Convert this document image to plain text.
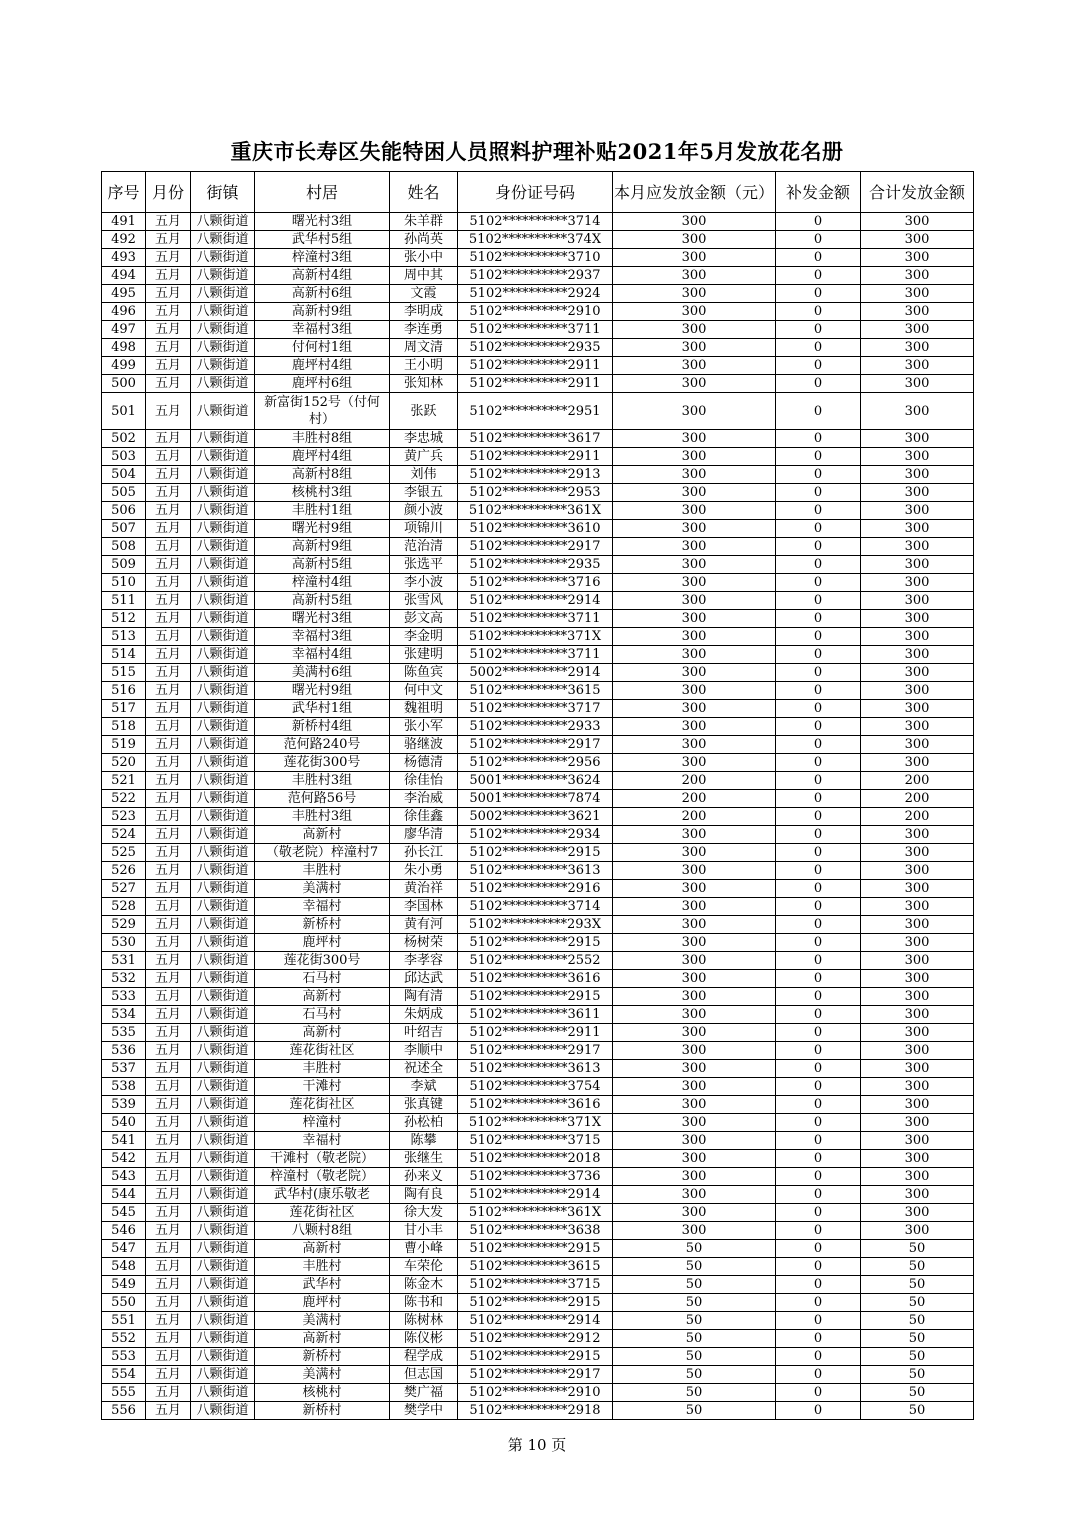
重庆市长寿区失能特困人员照料护理补贴2021年5月发放花名册
序号	月份	街镇	村居	姓名	身份证号码	本月应发放金额（元）	补发金额	合计发放金额
491	五月	八颗街道	曙光村3组	朱羊群	5102**********3714	300	0	300
492	五月	八颗街道	武华村5组	孙尚英	5102**********374X	300	0	300
493	五月	八颗街道	梓潼村3组	张小中	5102**********3710	300	0	300
494	五月	八颗街道	高新村4组	周中其	5102**********2937	300	0	300
495	五月	八颗街道	高新村6组	文霞	5102**********2924	300	0	300
496	五月	八颗街道	高新村9组	李明成	5102**********2910	300	0	300
497	五月	八颗街道	幸福村3组	李连勇	5102**********3711	300	0	300
498	五月	八颗街道	付何村1组	周文清	5102**********2935	300	0	300
499	五月	八颗街道	鹿坪村4组	王小明	5102**********2911	300	0	300
500	五月	八颗街道	鹿坪村6组	张知林	5102**********2911	300	0	300
501	五月	八颗街道	新富街152号（付何村）	张跃	5102**********2951	300	0	300
502	五月	八颗街道	丰胜村8组	李忠城	5102**********3617	300	0	300
503	五月	八颗街道	鹿坪村4组	黄广兵	5102**********2911	300	0	300
504	五月	八颗街道	高新村8组	刘伟	5102**********2913	300	0	300
505	五月	八颗街道	核桃村3组	李银五	5102**********2953	300	0	300
506	五月	八颗街道	丰胜村1组	颜小波	5102**********361X	300	0	300
507	五月	八颗街道	曙光村9组	项锦川	5102**********3610	300	0	300
508	五月	八颗街道	高新村9组	范治清	5102**********2917	300	0	300
509	五月	八颗街道	高新村5组	张选平	5102**********2935	300	0	300
510	五月	八颗街道	梓潼村4组	李小波	5102**********3716	300	0	300
511	五月	八颗街道	高新村5组	张雪风	5102**********2914	300	0	300
512	五月	八颗街道	曙光村3组	彭文高	5102**********3711	300	0	300
513	五月	八颗街道	幸福村3组	李金明	5102**********371X	300	0	300
514	五月	八颗街道	幸福村4组	张建明	5102**********3711	300	0	300
515	五月	八颗街道	美满村6组	陈鱼宾	5002**********2914	300	0	300
516	五月	八颗街道	曙光村9组	何中文	5102**********3615	300	0	300
517	五月	八颗街道	武华村1组	魏祖明	5102**********3717	300	0	300
518	五月	八颗街道	新桥村4组	张小军	5102**********2933	300	0	300
519	五月	八颗街道	范何路240号	骆继波	5102**********2917	300	0	300
520	五月	八颗街道	莲花街300号	杨德清	5102**********2956	300	0	300
521	五月	八颗街道	丰胜村3组	徐佳怡	5001**********3624	200	0	200
522	五月	八颗街道	范何路56号	李治威	5001**********7874	200	0	200
523	五月	八颗街道	丰胜村3组	徐佳鑫	5002**********3621	200	0	200
524	五月	八颗街道	高新村	廖华清	5102**********2934	300	0	300
525	五月	八颗街道	（敬老院）梓潼村7	孙长江	5102**********2915	300	0	300
526	五月	八颗街道	丰胜村	朱小勇	5102**********3613	300	0	300
527	五月	八颗街道	美满村	黄治祥	5102**********2916	300	0	300
528	五月	八颗街道	幸福村	李国林	5102**********3714	300	0	300
529	五月	八颗街道	新桥村	黄有河	5102**********293X	300	0	300
530	五月	八颗街道	鹿坪村	杨树荣	5102**********2915	300	0	300
531	五月	八颗街道	莲花街300号	李孝容	5102**********2552	300	0	300
532	五月	八颗街道	石马村	邱达武	5102**********3616	300	0	300
533	五月	八颗街道	高新村	陶有清	5102**********2915	300	0	300
534	五月	八颗街道	石马村	朱炳成	5102**********3611	300	0	300
535	五月	八颗街道	高新村	叶绍吉	5102**********2911	300	0	300
536	五月	八颗街道	莲花街社区	李顺中	5102**********2917	300	0	300
537	五月	八颗街道	丰胜村	祝述全	5102**********3613	300	0	300
538	五月	八颗街道	干滩村	李斌	5102**********3754	300	0	300
539	五月	八颗街道	莲花街社区	张真键	5102**********3616	300	0	300
540	五月	八颗街道	梓潼村	孙松柏	5102**********371X	300	0	300
541	五月	八颗街道	幸福村	陈攀	5102**********3715	300	0	300
542	五月	八颗街道	干滩村（敬老院）	张继生	5102**********2018	300	0	300
543	五月	八颗街道	梓潼村（敬老院）	孙来义	5102**********3736	300	0	300
544	五月	八颗街道	武华村(康乐敬老	陶有良	5102**********2914	300	0	300
545	五月	八颗街道	莲花街社区	徐大发	5102**********361X	300	0	300
546	五月	八颗街道	八颗村8组	甘小丰	5102**********3638	300	0	300
547	五月	八颗街道	高新村	曹小峰	5102**********2915	50	0	50
548	五月	八颗街道	丰胜村	车荣伦	5102**********3615	50	0	50
549	五月	八颗街道	武华村	陈金木	5102**********3715	50	0	50
550	五月	八颗街道	鹿坪村	陈书和	5102**********2915	50	0	50
551	五月	八颗街道	美满村	陈树林	5102**********2914	50	0	50
552	五月	八颗街道	高新村	陈仪彬	5102**********2912	50	0	50
553	五月	八颗街道	新桥村	程学成	5102**********2915	50	0	50
554	五月	八颗街道	美满村	但志国	5102**********2917	50	0	50
555	五月	八颗街道	核桃村	樊广福	5102**********2910	50	0	50
556	五月	八颗街道	新桥村	樊学中	5102**********2918	50	0	50
第 10 页
